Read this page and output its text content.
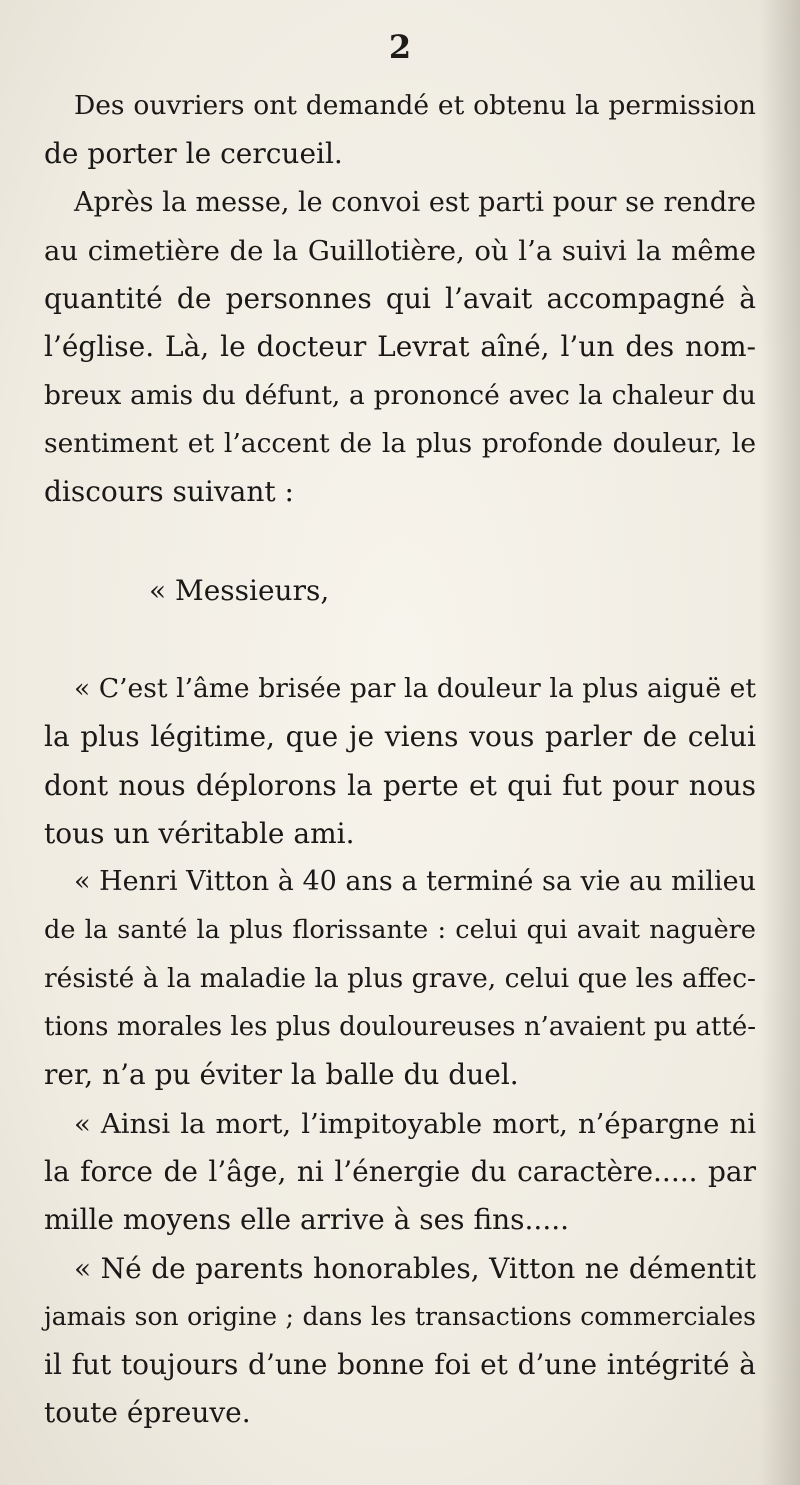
2
Des ouvriers ont demandé et obtenu la permission
de porter le cercueil.
Après la messe, le convoi est parti pour se rendre
au cimetière de la Guillotière, où l’a suivi la même
quantité de personnes qui l’avait accompagné à
l’église. Là, le docteur Levrat aîné, l’un des nom-
breux amis du défunt, a prononcé avec la chaleur du
sentiment et l’accent de la plus profonde douleur, le
discours suivant :
« Messieurs,
« C’est l’âme brisée par la douleur la plus aiguë et
la plus légitime, que je viens vous parler de celui
dont nous déplorons la perte et qui fut pour nous
tous un véritable ami.
« Henri Vitton à 40 ans a terminé sa vie au milieu
de la santé la plus florissante : celui qui avait naguère
résisté à la maladie la plus grave, celui que les affec-
tions morales les plus douloureuses n’avaient pu atté-
rer, n’a pu éviter la balle du duel.
« Ainsi la mort, l’impitoyable mort, n’épargne ni
la force de l’âge, ni l’énergie du caractère..... par
mille moyens elle arrive à ses fins.....
« Né de parents honorables, Vitton ne démentit
jamais son origine ; dans les transactions commerciales
il fut toujours d’une bonne foi et d’une intégrité à
toute épreuve.
